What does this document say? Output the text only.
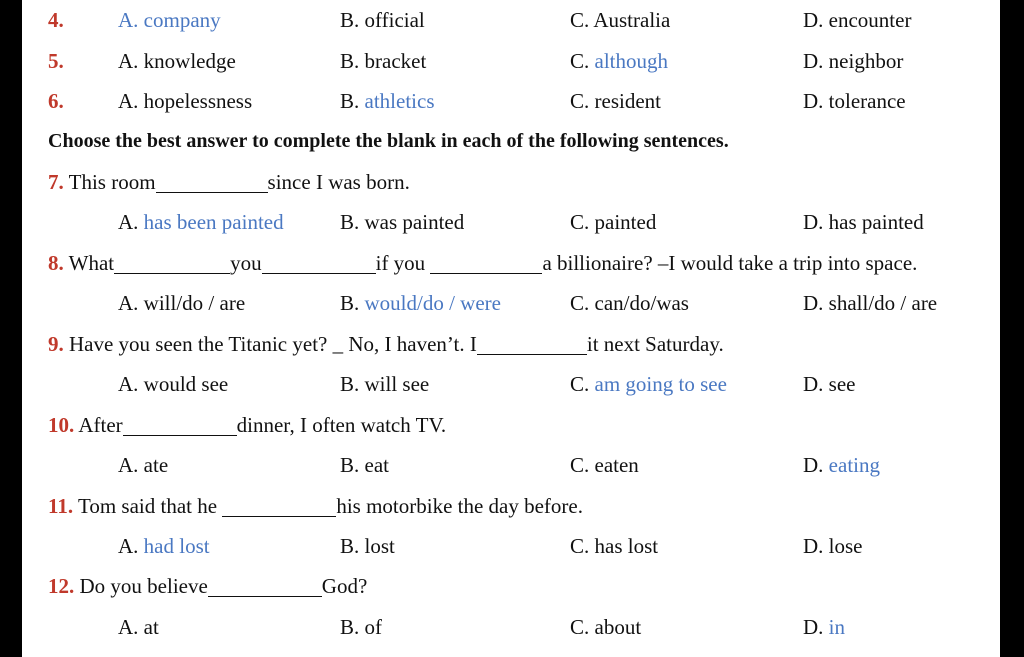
4.	A. company	B. official	C. Australia	D. encounter
5.	A. knowledge	B. bracket	C. although	D. neighbor
6.	A. hopelessness	B. athletics	C. resident	D. tolerance
Choose the best answer to complete the blank in each of the following sentences.
7. This room	since I was born.
A. has been painted	B. was painted	C. painted	D. has painted
8. What	you	if you	a billionaire? –I would take a trip into space.
A. will/do / are	B. would/do / were	C. can/do/was	D. shall/do / are
9. Have you seen the Titanic yet? _ No, I haven’t. I	it next Saturday.
A. would see	B. will see	C. am going to see	D. see
10. After	dinner, I often watch TV.
A. ate	B. eat	C. eaten	D. eating
11. Tom said that he	his motorbike the day before.
A. had lost	B. lost	C. has lost	D. lose
12. Do you believe	God?
A. at	B. of	C. about	D. in
